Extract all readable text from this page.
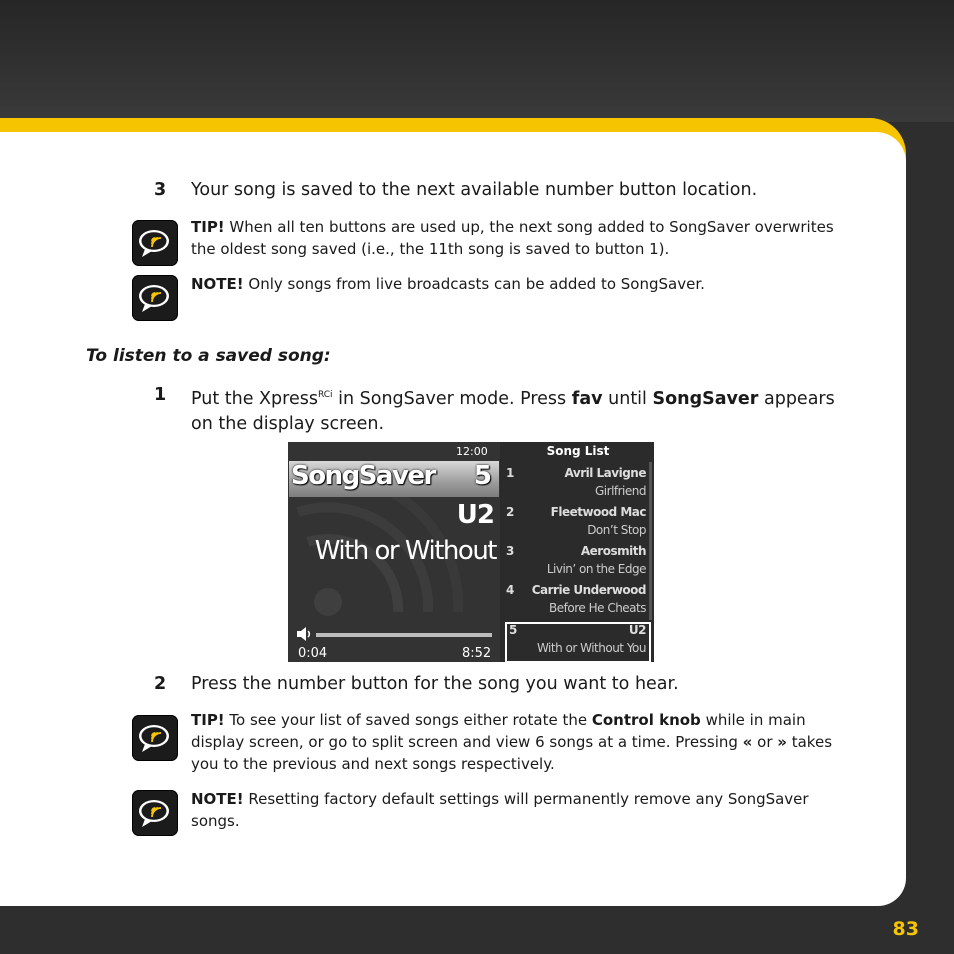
83
3	Your song is saved to the next available number button location.
TIP! When all ten buttons are used up, the next song added to SongSaver overwrites the oldest song saved (i.e., the 11th song is saved to button 1).
NOTE! Only songs from live broadcasts can be added to SongSaver.
To listen to a saved song:
1	Put the Xpress$^{RCi}$ in SongSaver mode. Press fav until SongSaver appears on the display screen.
12:00
SongSaver 5
U2
With or Without
0:04	8:52
Song List
1	Avril Lavigne
Girlfriend
2	Fleetwood Mac
Don’t Stop
3	Aerosmith
Livin’ on the Edge
4 Carrie Underwood
Before He Cheats
5	U2
With or Without You
2	Press the number button for the song you want to hear.
TIP! To see your list of saved songs either rotate the Control knob while in main display screen, or go to split screen and view 6 songs at a time. Pressing « or » takes you to the previous and next songs respectively.
NOTE! Resetting factory default settings will permanently remove any SongSaver songs.
